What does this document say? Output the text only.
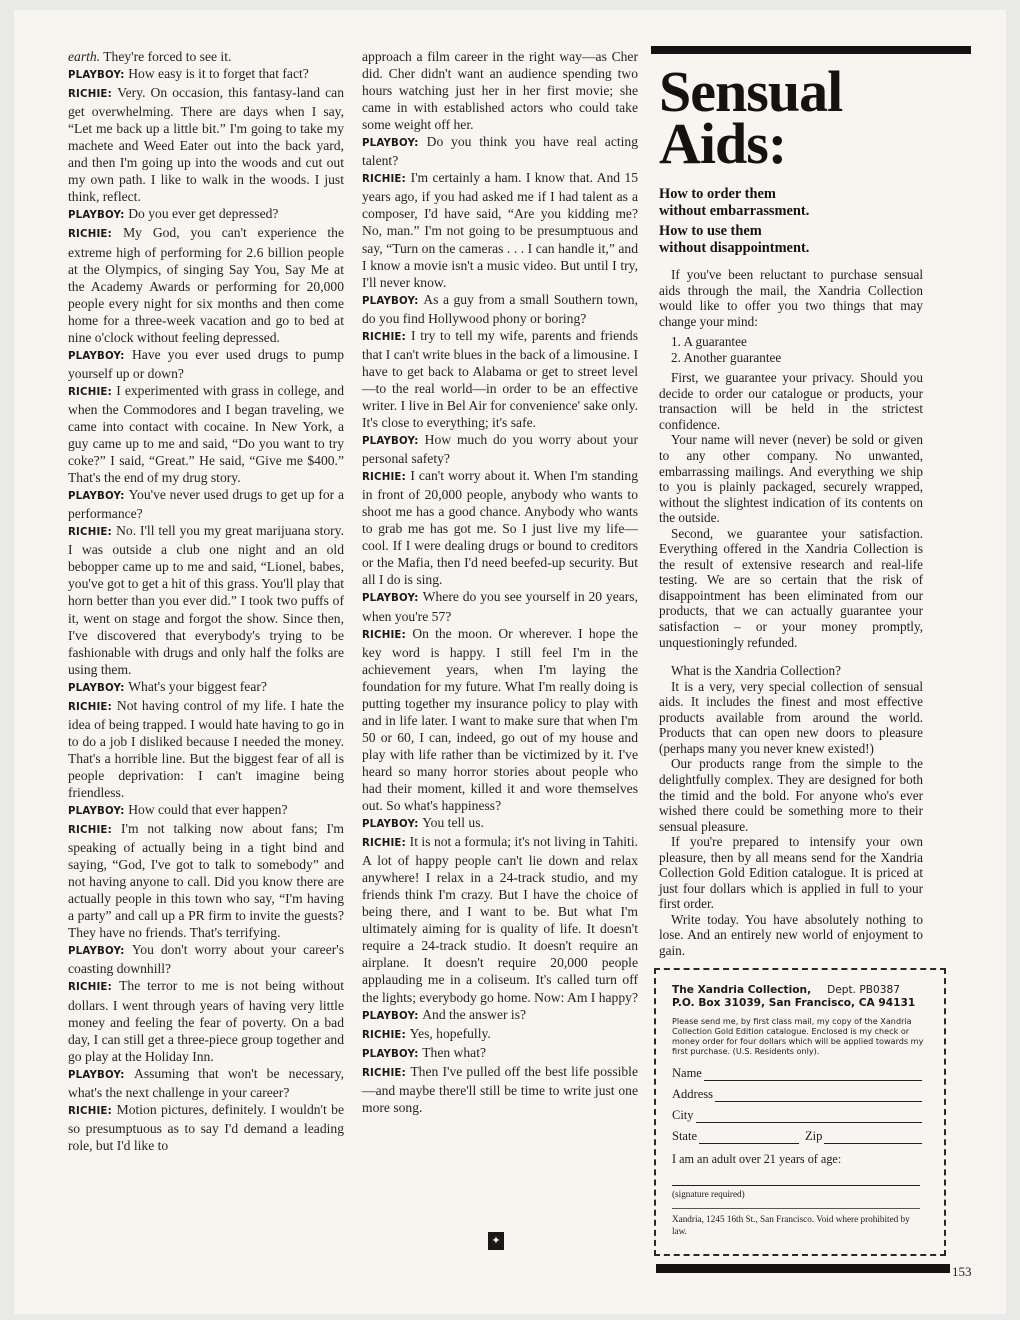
earth. They're forced to see it.

PLAYBOY: How easy is it to forget that fact?

RICHIE: Very. On occasion, this fantasy-land can get overwhelming. There are days when I say, “Let me back up a little bit.” I'm going to take my machete and Weed Eater out into the back yard, and then I'm going up into the woods and cut out my own path. I like to walk in the woods. I just think, reflect.

PLAYBOY: Do you ever get depressed?

RICHIE: My God, you can't experience the extreme high of performing for 2.6 billion people at the Olympics, of singing Say You, Say Me at the Academy Awards or performing for 20,000 people every night for six months and then come home for a three-week vacation and go to bed at nine o'clock without feeling depressed.

PLAYBOY: Have you ever used drugs to pump yourself up or down?

RICHIE: I experimented with grass in college, and when the Commodores and I began traveling, we came into contact with cocaine. In New York, a guy came up to me and said, “Do you want to try coke?” I said, “Great.” He said, “Give me $400.” That's the end of my drug story.

PLAYBOY: You've never used drugs to get up for a performance?

RICHIE: No. I'll tell you my great marijuana story. I was outside a club one night and an old bebopper came up to me and said, “Lionel, babes, you've got to get a hit of this grass. You'll play that horn better than you ever did.” I took two puffs of it, went on stage and forgot the show. Since then, I've discovered that everybody's trying to be fashionable with drugs and only half the folks are using them.

PLAYBOY: What's your biggest fear?

RICHIE: Not having control of my life. I hate the idea of being trapped. I would hate having to go in to do a job I disliked because I needed the money. That's a horrible line. But the biggest fear of all is people deprivation: I can't imagine being friendless.

PLAYBOY: How could that ever happen?

RICHIE: I'm not talking now about fans; I'm speaking of actually being in a tight bind and saying, “God, I've got to talk to somebody” and not having anyone to call. Did you know there are actually people in this town who say, “I'm having a party” and call up a PR firm to invite the guests? They have no friends. That's terrifying.

PLAYBOY: You don't worry about your career's coasting downhill?

RICHIE: The terror to me is not being without dollars. I went through years of having very little money and feeling the fear of poverty. On a bad day, I can still get a three-piece group together and go play at the Holiday Inn.

PLAYBOY: Assuming that won't be necessary, what's the next challenge in your career?

RICHIE: Motion pictures, definitely. I wouldn't be so presumptuous as to say I'd demand a leading role, but I'd like to

approach a film career in the right way—as Cher did. Cher didn't want an audience spending two hours watching just her in her first movie; she came in with established actors who could take some weight off her.

PLAYBOY: Do you think you have real acting talent?

RICHIE: I'm certainly a ham. I know that. And 15 years ago, if you had asked me if I had talent as a composer, I'd have said, “Are you kidding me? No, man.” I'm not going to be presumptuous and say, “Turn on the cameras . . . I can handle it,” and I know a movie isn't a music video. But until I try, I'll never know.

PLAYBOY: As a guy from a small Southern town, do you find Hollywood phony or boring?

RICHIE: I try to tell my wife, parents and friends that I can't write blues in the back of a limousine. I have to get back to Alabama or get to street level—to the real world—in order to be an effective writer. I live in Bel Air for convenience' sake only. It's close to everything; it's safe.

PLAYBOY: How much do you worry about your personal safety?

RICHIE: I can't worry about it. When I'm standing in front of 20,000 people, anybody who wants to shoot me has a good chance. Anybody who wants to grab me has got me. So I just live my life—cool. If I were dealing drugs or bound to creditors or the Mafia, then I'd need beefed-up security. But all I do is sing.

PLAYBOY: Where do you see yourself in 20 years, when you're 57?

RICHIE: On the moon. Or wherever. I hope the key word is happy. I still feel I'm in the achievement years, when I'm laying the foundation for my future. What I'm really doing is putting together my insurance policy to play with and in life later. I want to make sure that when I'm 50 or 60, I can, indeed, go out of my house and play with life rather than be victimized by it. I've heard so many horror stories about people who had their moment, killed it and wore themselves out. So what's happiness?

PLAYBOY: You tell us.

RICHIE: It is not a formula; it's not living in Tahiti. A lot of happy people can't lie down and relax anywhere! I relax in a 24-track studio, and my friends think I'm crazy. But I have the choice of being there, and I want to be. But what I'm ultimately aiming for is quality of life. It doesn't require a 24-track studio. It doesn't require an airplane. It doesn't require 20,000 people applauding me in a coliseum. It's called turn off the lights; everybody go home. Now: Am I happy?

PLAYBOY: And the answer is?

RICHIE: Yes, hopefully.

PLAYBOY: Then what?

RICHIE: Then I've pulled off the best life possible—and maybe there'll still be time to write just one more song.

Sensual
Aids:
How to order them
without embarrassment.
How to use them
without disappointment.

If you've been reluctant to purchase sensual aids through the mail, the Xandria Collection would like to offer you two things that may change your mind:

1. A guarantee

2. Another guarantee

First, we guarantee your privacy. Should you decide to order our catalogue or products, your transaction will be held in the strictest confidence.

Your name will never (never) be sold or given to any other company. No unwanted, embarrassing mailings. And everything we ship to you is plainly packaged, securely wrapped, without the slightest indication of its contents on the outside.

Second, we guarantee your satisfaction. Everything offered in the Xandria Collection is the result of extensive research and real-life testing. We are so certain that the risk of disappointment has been eliminated from our products, that we can actually guarantee your satisfaction – or your money promptly, unquestioningly refunded.

What is the Xandria Collection?

It is a very, very special collection of sensual aids. It includes the finest and most effective products available from around the world. Products that can open new doors to pleasure (perhaps many you never knew existed!)

Our products range from the simple to the delightfully complex. They are designed for both the timid and the bold. For anyone who's ever wished there could be something more to their sensual pleasure.

If you're prepared to intensify your own pleasure, then by all means send for the Xandria Collection Gold Edition catalogue. It is priced at just four dollars which is applied in full to your first order.

Write today. You have absolutely nothing to lose. And an entirely new world of enjoyment to gain.

The Xandria Collection, Dept. PB0387
P.O. Box 31039, San Francisco, CA 94131
Please send me, by first class mail, my copy of the Xandria Collection Gold Edition catalogue. Enclosed is my check or money order for four dollars which will be applied towards my first purchase. (U.S. Residents only).
Name
Address
City
State	Zip
I am an adult over 21 years of age:
(signature required)
Xandria, 1245 16th St., San Francisco. Void where prohibited by law.
✦
153
